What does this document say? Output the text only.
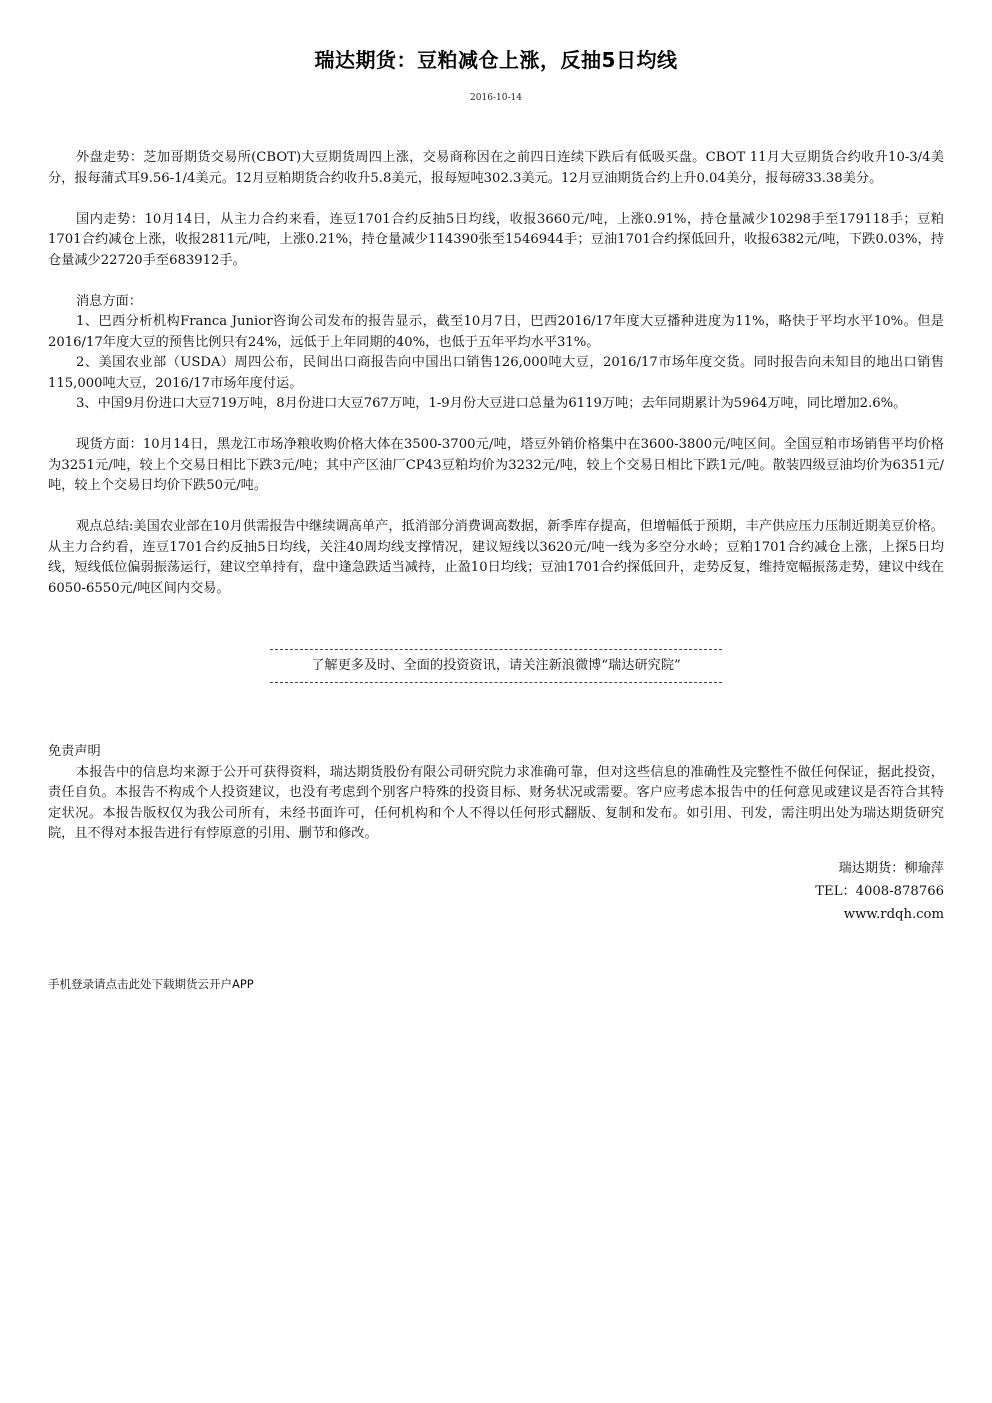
瑞达期货：豆粕减仓上涨，反抽5日均线
2016-10-14

外盘走势：芝加哥期货交易所(CBOT)大豆期货周四上涨，交易商称因在之前四日连续下跌后有低吸买盘。CBOT 11月大豆期货合约收升10-3/4美分，报每蒲式耳9.56-1/4美元。12月豆粕期货合约收升5.8美元，报每短吨302.3美元。12月豆油期货合约上升0.04美分，报每磅33.38美分。

国内走势：10月14日，从主力合约来看，连豆1701合约反抽5日均线，收报3660元/吨，上涨0.91%，持仓量减少10298手至179118手；豆粕1701合约减仓上涨，收报2811元/吨，上涨0.21%，持仓量减少114390张至1546944手；豆油1701合约探低回升，收报6382元/吨，下跌0.03%，持仓量减少22720手至683912手。

消息方面：

1、巴西分析机构Franca Junior咨询公司发布的报告显示，截至10月7日，巴西2016/17年度大豆播种进度为11%，略快于平均水平10%。但是2016/17年度大豆的预售比例只有24%，远低于上年同期的40%，也低于五年平均水平31%。

2、美国农业部（USDA）周四公布，民间出口商报告向中国出口销售126,000吨大豆，2016/17市场年度交货。同时报告向未知目的地出口销售115,000吨大豆，2016/17市场年度付运。

3、中国9月份进口大豆719万吨，8月份进口大豆767万吨，1-9月份大豆进口总量为6119万吨；去年同期累计为5964万吨，同比增加2.6%。

现货方面：10月14日，黑龙江市场净粮收购价格大体在3500-3700元/吨，塔豆外销价格集中在3600-3800元/吨区间。全国豆粕市场销售平均价格为3251元/吨，较上个交易日相比下跌3元/吨；其中产区油厂CP43豆粕均价为3232元/吨，较上个交易日相比下跌1元/吨。散装四级豆油均价为6351元/吨，较上个交易日均价下跌50元/吨。

观点总结:美国农业部在10月供需报告中继续调高单产，抵消部分消费调高数据，新季库存提高，但增幅低于预期，丰产供应压力压制近期美豆价格。从主力合约看，连豆1701合约反抽5日均线，关注40周均线支撑情况，建议短线以3620元/吨一线为多空分水岭；豆粕1701合约减仓上涨，上探5日均线，短线低位偏弱振荡运行，建议空单持有，盘中逢急跌适当减持，止盈10日均线；豆油1701合约探低回升，走势反复，维持宽幅振荡走势，建议中线在6050-6550元/吨区间内交易。

了解更多及时、全面的投资资讯，请关注新浪微博“瑞达研究院”

免责声明

本报告中的信息均来源于公开可获得资料，瑞达期货股份有限公司研究院力求准确可靠，但对这些信息的准确性及完整性不做任何保证，据此投资，责任自负。本报告不构成个人投资建议，也没有考虑到个别客户特殊的投资目标、财务状况或需要。客户应考虑本报告中的任何意见或建议是否符合其特定状况。本报告版权仅为我公司所有，未经书面许可，任何机构和个人不得以任何形式翻版、复制和发布。如引用、刊发，需注明出处为瑞达期货研究院，且不得对本报告进行有悖原意的引用、删节和修改。

瑞达期货：柳瑜萍
TEL：4008-878766
www.rdqh.com
手机登录请点击此处下载期货云开户APP
